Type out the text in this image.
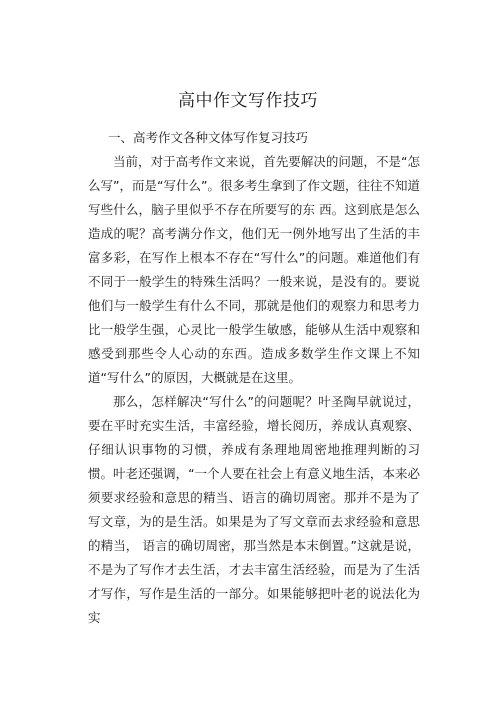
高中作文写作技巧
一、高考作文各种文体写作复习技巧

当前，对于高考作文来说，首先要解决的问题，不是“怎么写”，而是“写什么”。很多考生拿到了作文题，往往不知道写些什么，脑子里似乎不存在所要写的东 西。这到底是怎么造成的呢？高考满分作文，他们无一例外地写出了生活的丰富多彩，在写作上根本不存在“写什么”的问题。难道他们有不同于一般学生的特殊生活吗？一般来说，是没有的。要说他们与一般学生有什么不同，那就是他们的观察力和思考力比一般学生强，心灵比一般学生敏感，能够从生活中观察和感受到那些令人心动的东西。造成多数学生作文课上不知道“写什么”的原因，大概就是在这里。

那么，怎样解决“写什么”的问题呢？叶圣陶早就说过，要在平时充实生活，丰富经验，增长阅历，养成认真观察、仔细认识事物的习惯，养成有条理地周密地推理判断的习惯。叶老还强调，“一个人要在社会上有意义地生活，本来必须要求经验和意思的精当、语言的确切周密。那并不是为了写文章，为的是生活。如果是为了写文章而去求经验和意思的精当， 语言的确切周密，那当然是本末倒置。”这就是说，不是为了写作才去生活，才去丰富生活经验，而是为了生活才写作，写作是生活的一部分。如果能够把叶老的说法化为实
